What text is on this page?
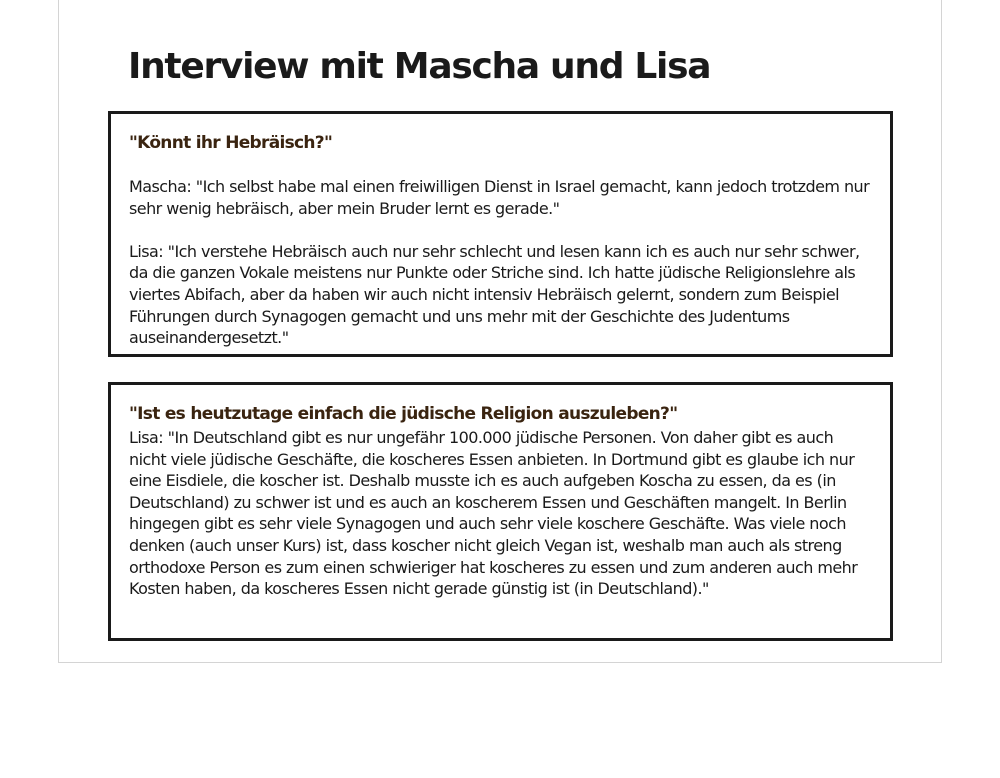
Interview mit Mascha und Lisa

"Könnt ihr Hebräisch?"

Mascha: "Ich selbst habe mal einen freiwilligen Dienst in Israel gemacht, kann jedoch trotzdem nur sehr wenig hebräisch, aber mein Bruder lernt es gerade."

Lisa: "Ich verstehe Hebräisch auch nur sehr schlecht und lesen kann ich es auch nur sehr schwer, da die ganzen Vokale meistens nur Punkte oder Striche sind. Ich hatte jüdische Religionslehre als viertes Abifach, aber da haben wir auch nicht intensiv Hebräisch gelernt, sondern zum Beispiel Führungen durch Synagogen gemacht und uns mehr mit der Geschichte des Judentums auseinandergesetzt."

"Ist es heutzutage einfach die jüdische Religion auszuleben?"

Lisa: "In Deutschland gibt es nur ungefähr 100.000 jüdische Personen. Von daher gibt es auch nicht viele jüdische Geschäfte, die koscheres Essen anbieten. In Dortmund gibt es glaube ich nur eine Eisdiele, die koscher ist. Deshalb musste ich es auch aufgeben Koscha zu essen, da es (in Deutschland) zu schwer ist und es auch an koscherem Essen und Geschäften mangelt. In Berlin hingegen gibt es sehr viele Synagogen und auch sehr viele koschere Geschäfte. Was viele noch denken (auch unser Kurs) ist, dass koscher nicht gleich Vegan ist, weshalb man auch als streng orthodoxe Person es zum einen schwieriger hat koscheres zu essen und zum anderen auch mehr Kosten haben, da koscheres Essen nicht gerade günstig ist (in Deutschland)."
